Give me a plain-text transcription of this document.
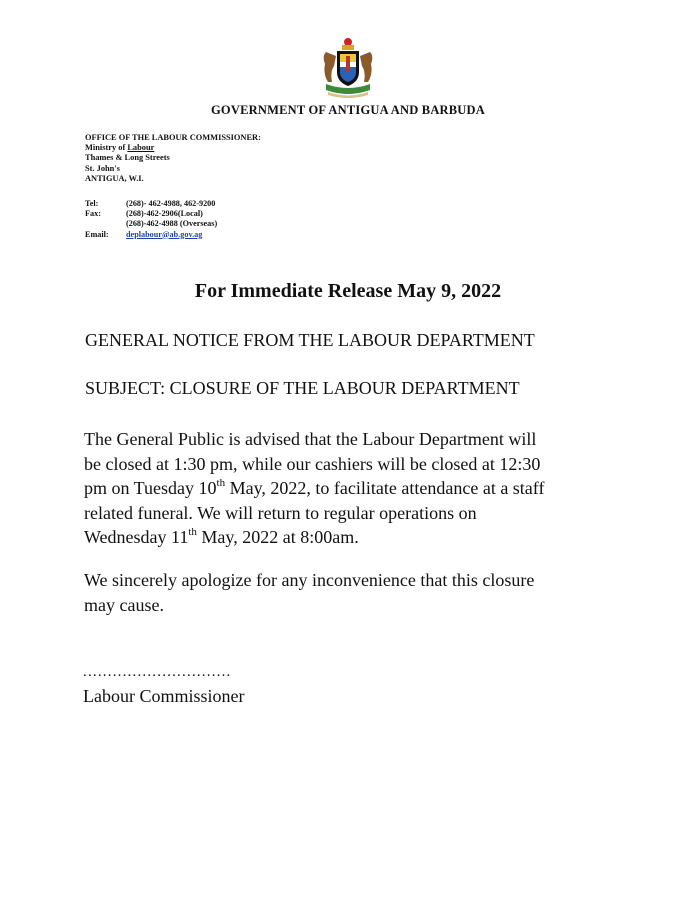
GOVERNMENT OF ANTIGUA AND BARBUDA
OFFICE OF THE LABOUR COMMISSIONER:
Ministry of Labour
Thames & Long Streets
St. John's
ANTIGUA, W.I.
Tel:	(268)- 462-4988, 462-9200
Fax:	(268)-462-2906(Local)
(268)-462-4988 (Overseas)
Email:	deplabour@ab.gov.ag
For Immediate Release May 9, 2022
GENERAL NOTICE FROM THE LABOUR DEPARTMENT
SUBJECT: CLOSURE OF THE LABOUR DEPARTMENT
The General Public is advised that the Labour Department will
be closed at 1:30 pm, while our cashiers will be closed at 12:30
pm on Tuesday 10th May, 2022, to facilitate attendance at a staff
related funeral. We will return to regular operations on
Wednesday 11th May, 2022 at 8:00am.
We sincerely apologize for any inconvenience that this closure
may cause.
..............................
Labour Commissioner
